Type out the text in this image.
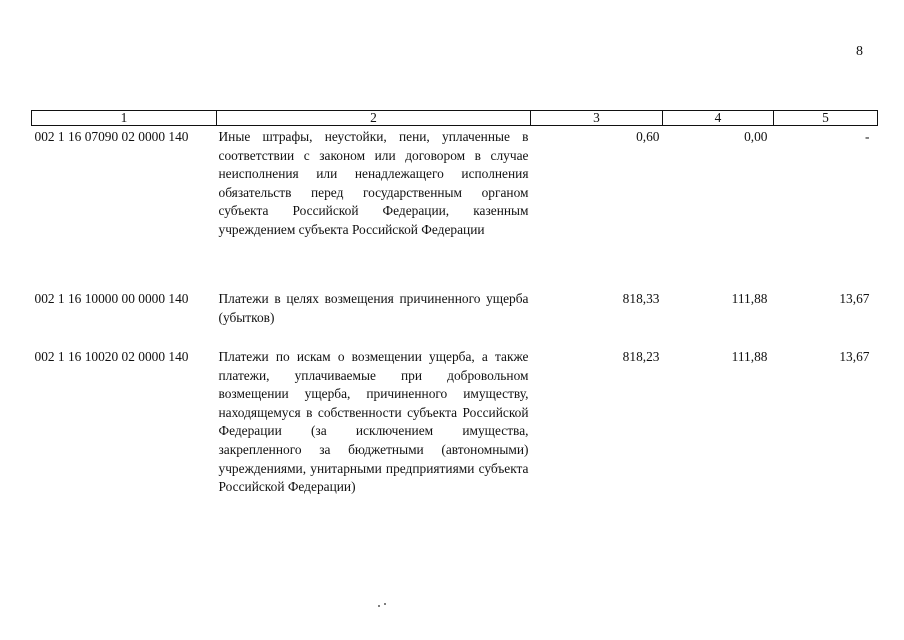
8
1	2	3	4	5
002 1 16 07090 02 0000 140	Иные штрафы, неустойки, пени, уплаченные в соответствии с законом или договором в случае неисполнения или ненадлежащего исполнения обязательств перед государственным органом субъекта Российской Федерации, казенным учреждением субъекта Российской Федерации	0,60	0,00	-
002 1 16 10000 00 0000 140	Платежи в целях возмещения причиненного ущерба (убытков)	818,33	111,88	13,67
002 1 16 10020 02 0000 140	Платежи по искам о возмещении ущерба, а также платежи, уплачиваемые при добровольном возмещении ущерба, причиненного имуществу, находящемуся в собственности субъекта Российской Федерации (за исключением имущества, закрепленного за бюджетными (автономными) учреждениями, унитарными предприятиями субъекта Российской Федерации)	818,23	111,88	13,67
